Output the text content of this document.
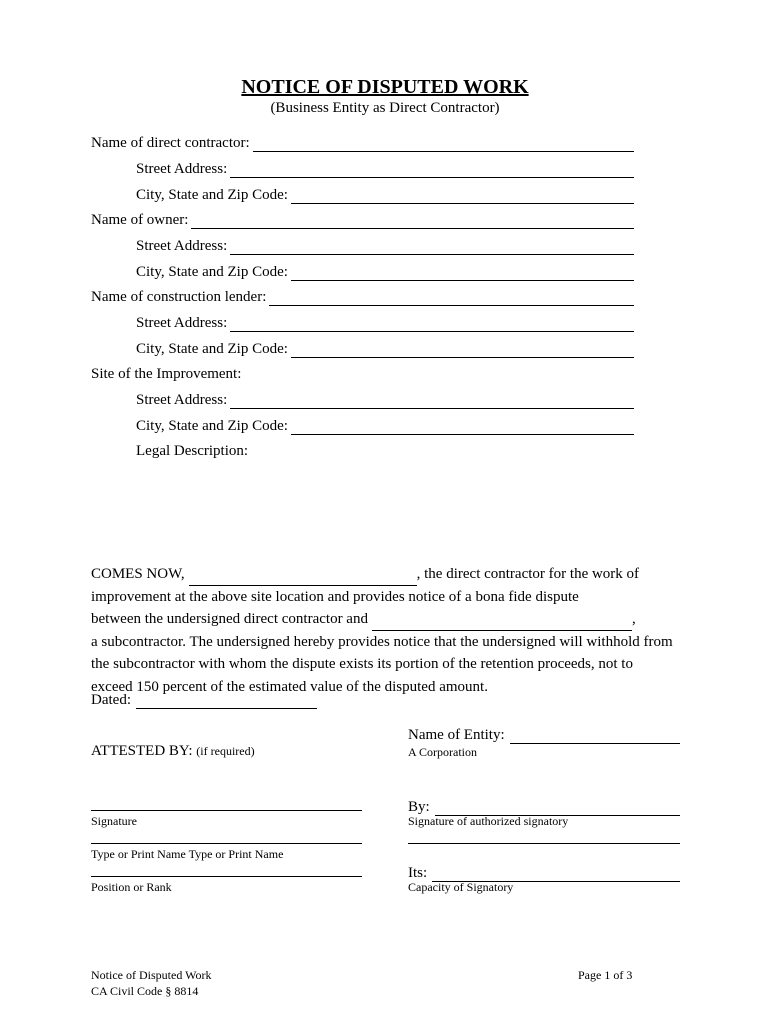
NOTICE OF DISPUTED WORK
(Business Entity as Direct Contractor)
Name of direct contractor:
Street Address:
City, State and Zip Code:
Name of owner:
Street Address:
City, State and Zip Code:
Name of construction lender:
Street Address:
City, State and Zip Code:
Site of the Improvement:
Street Address:
City, State and Zip Code:
Legal Description:
COMES NOW,	, the direct contractor for the work of
improvement at the above site location and provides notice of a bona fide dispute
between the undersigned direct contractor and	,
a subcontractor. The undersigned hereby provides notice that the undersigned will withhold from
the subcontractor with whom the dispute exists its portion of the retention proceeds, not to
exceed 150 percent of the estimated value of the disputed amount.
Dated:
Name of Entity:
A Corporation
ATTESTED BY: (if required)
Signature
Type or Print Name Type or Print Name
Position or Rank
By:
Signature of authorized signatory
Its:
Capacity of Signatory
Notice of Disputed Work
CA Civil Code § 8814
Page 1 of 3
